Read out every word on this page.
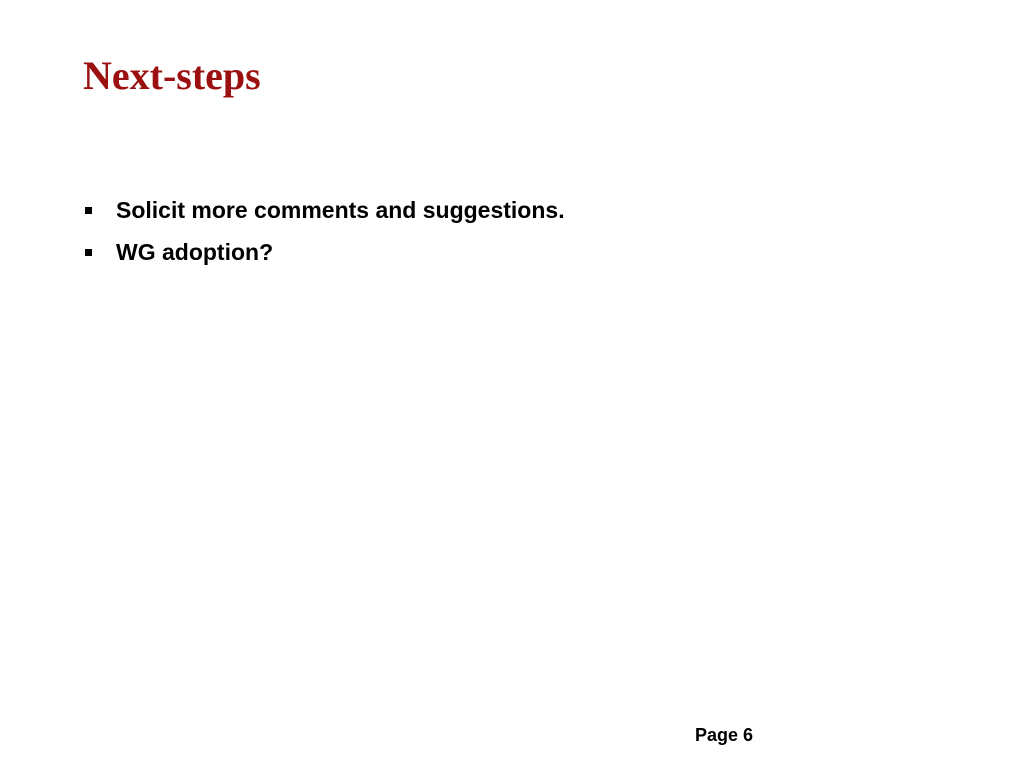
Next-steps
Solicit more comments and suggestions.
WG adoption?
Page 6
